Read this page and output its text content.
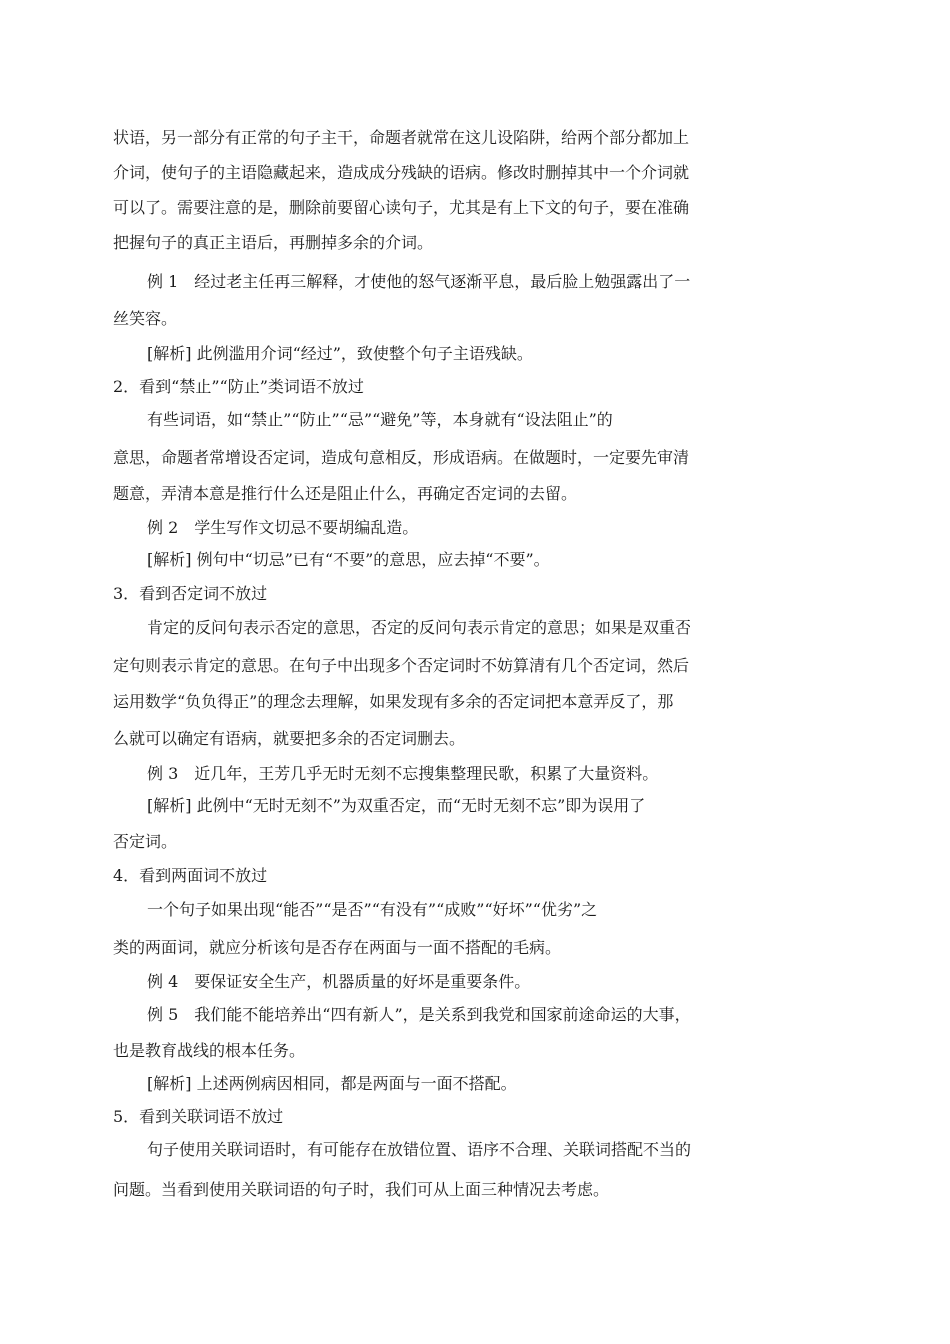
状语，另一部分有正常的句子主干，命题者就常在这儿设陷阱，给两个部分都加上
介词，使句子的主语隐藏起来，造成成分残缺的语病。修改时删掉其中一个介词就
可以了。需要注意的是，删除前要留心读句子，尤其是有上下文的句子，要在准确
把握句子的真正主语后，再删掉多余的介词。
例 1　经过老主任再三解释，才使他的怒气逐渐平息，最后脸上勉强露出了一
丝笑容。
[解析] 此例滥用介词“经过”，致使整个句子主语残缺。
2．看到“禁止”“防止”类词语不放过
有些词语，如“禁止”“防止”“忌”“避免”等，本身就有“设法阻止”的
意思，命题者常增设否定词，造成句意相反，形成语病。在做题时，一定要先审清
题意，弄清本意是推行什么还是阻止什么，再确定否定词的去留。
例 2　学生写作文切忌不要胡编乱造。
[解析] 例句中“切忌”已有“不要”的意思，应去掉“不要”。
3．看到否定词不放过
肯定的反问句表示否定的意思，否定的反问句表示肯定的意思；如果是双重否
定句则表示肯定的意思。在句子中出现多个否定词时不妨算清有几个否定词，然后
运用数学“负负得正”的理念去理解，如果发现有多余的否定词把本意弄反了，那
么就可以确定有语病，就要把多余的否定词删去。
例 3　近几年，王芳几乎无时无刻不忘搜集整理民歌，积累了大量资料。
[解析] 此例中“无时无刻不”为双重否定，而“无时无刻不忘”即为误用了
否定词。
4．看到两面词不放过
一个句子如果出现“能否”“是否”“有没有”“成败”“好坏”“优劣”之
类的两面词，就应分析该句是否存在两面与一面不搭配的毛病。
例 4　要保证安全生产，机器质量的好坏是重要条件。
例 5　我们能不能培养出“四有新人”，是关系到我党和国家前途命运的大事，
也是教育战线的根本任务。
[解析] 上述两例病因相同，都是两面与一面不搭配。
5．看到关联词语不放过
句子使用关联词语时，有可能存在放错位置、语序不合理、关联词搭配不当的
问题。当看到使用关联词语的句子时，我们可从上面三种情况去考虑。
